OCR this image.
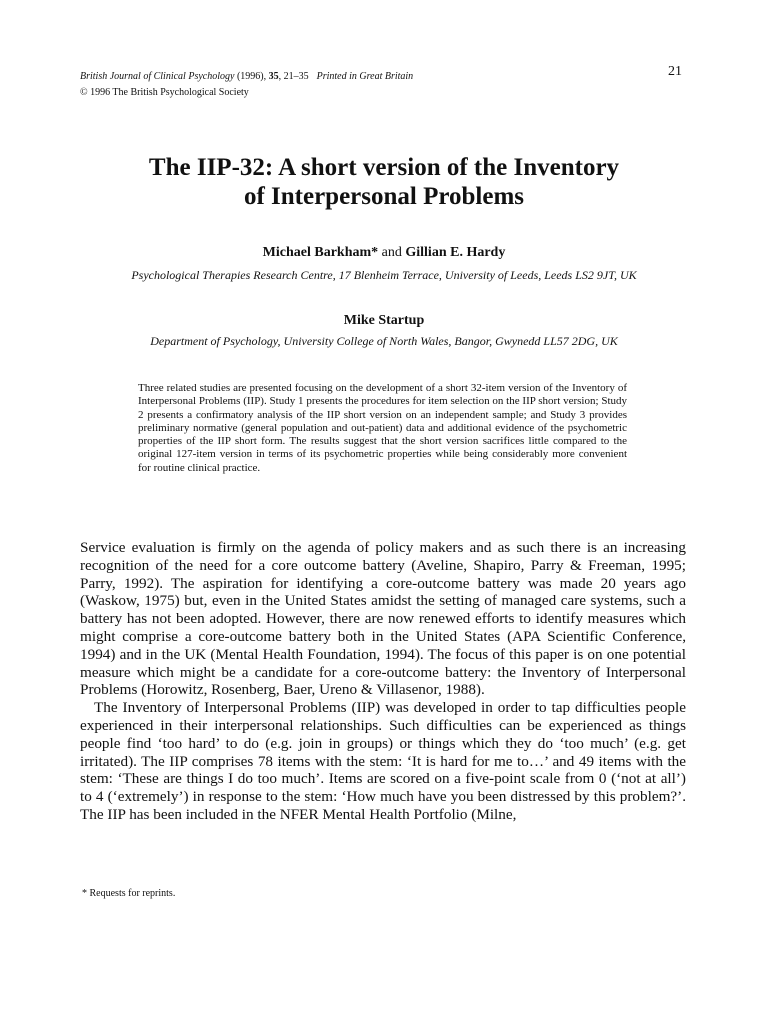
British Journal of Clinical Psychology (1996), 35, 21–35 Printed in Great Britain
© 1996 The British Psychological Society
21
The IIP-32: A short version of the Inventory
of Interpersonal Problems
Michael Barkham* and Gillian E. Hardy
Psychological Therapies Research Centre, 17 Blenheim Terrace, University of Leeds, Leeds LS2 9JT, UK
Mike Startup
Department of Psychology, University College of North Wales, Bangor, Gwynedd LL57 2DG, UK
Three related studies are presented focusing on the development of a short 32-item version of the Inventory of Interpersonal Problems (IIP). Study 1 presents the procedures for item selection on the IIP short version; Study 2 presents a confirmatory analysis of the IIP short version on an independent sample; and Study 3 provides preliminary normative (general population and out-patient) data and additional evidence of the psychometric properties of the IIP short form. The results suggest that the short version sacrifices little compared to the original 127-item version in terms of its psychometric properties while being considerably more convenient for routine clinical practice.

Service evaluation is firmly on the agenda of policy makers and as such there is an increasing recognition of the need for a core outcome battery (Aveline, Shapiro, Parry & Freeman, 1995; Parry, 1992). The aspiration for identifying a core-outcome battery was made 20 years ago (Waskow, 1975) but, even in the United States amidst the setting of managed care systems, such a battery has not been adopted. However, there are now renewed efforts to identify measures which might comprise a core-outcome battery both in the United States (APA Scientific Conference, 1994) and in the UK (Mental Health Foundation, 1994). The focus of this paper is on one potential measure which might be a candidate for a core-outcome battery: the Inventory of Interpersonal Problems (Horowitz, Rosenberg, Baer, Ureno & Villasenor, 1988).

The Inventory of Interpersonal Problems (IIP) was developed in order to tap difficulties people experienced in their interpersonal relationships. Such difficulties can be experienced as things people find ‘too hard’ to do (e.g. join in groups) or things which they do ‘too much’ (e.g. get irritated). The IIP comprises 78 items with the stem: ‘It is hard for me to…’ and 49 items with the stem: ‘These are things I do too much’. Items are scored on a five-point scale from 0 (‘not at all’) to 4 (‘extremely’) in response to the stem: ‘How much have you been distressed by this problem?’. The IIP has been included in the NFER Mental Health Portfolio (Milne,

* Requests for reprints.
